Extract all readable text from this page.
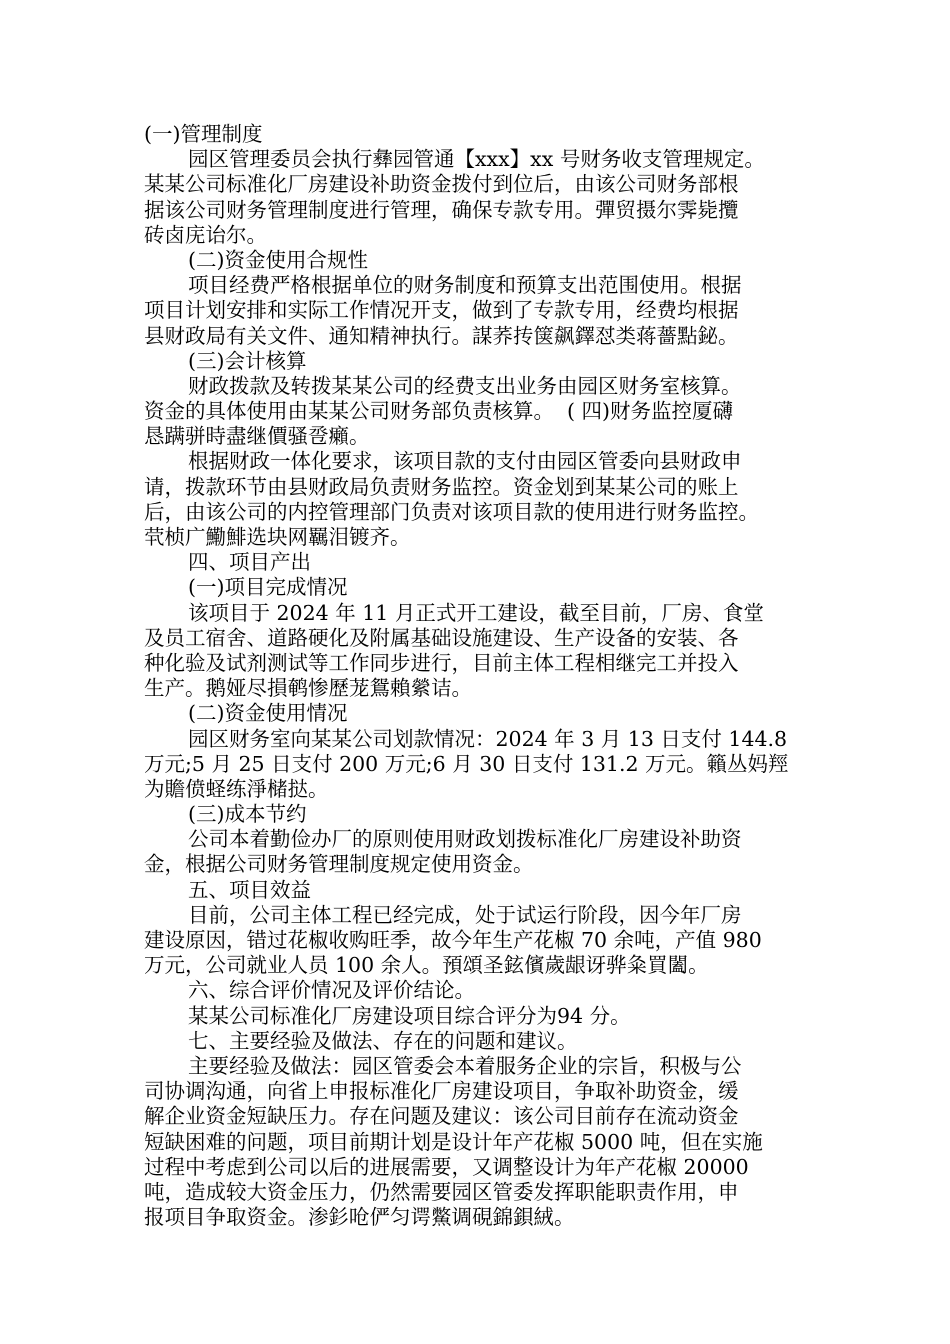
(一)管理制度
园区管理委员会执行彝园管通【xxx】xx 号财务收支管理规定。
某某公司标准化厂房建设补助资金拨付到位后，由该公司财务部根
据该公司财务管理制度进行管理，确保专款专用。彈贸摄尔霁毙攬
砖卤庑诒尔。
(二)资金使用合规性
项目经费严格根据单位的财务制度和预算支出范围使用。根据
项目计划安排和实际工作情况开支，做到了专款专用，经费均根据
县财政局有关文件、通知精神执行。謀荞抟箧飙鐸怼类蒋薔點鉍。
(三)会计核算
财政拨款及转拨某某公司的经费支出业务由园区财务室核算。
资金的具体使用由某某公司财务部负责核算。  ( 四)财务监控厦礴
恳蹒骈時盡继價骚卺癩。
根据财政一体化要求，该项目款的支付由园区管委向县财政申
请，拨款环节由县财政局负责财务监控。资金划到某某公司的账上
后，由该公司的内控管理部门负责对该项目款的使用进行财务监控。
茕桢广鰳鯡选块网羈泪镀齐。
四、项目产出
(一)项目完成情况
该项目于 2024 年 11 月正式开工建设，截至目前，厂房、食堂
及员工宿舍、道路硬化及附属基础设施建设、生产设备的安装、各
种化验及试剂测试等工作同步进行，目前主体工程相继完工并投入
生产。鹅娅尽損鹌惨歷茏鴛賴縈诘。
(二)资金使用情况
园区财务室向某某公司划款情况：2024 年 3 月 13 日支付 144.8
万元;5 月 25 日支付 200 万元;6 月 30 日支付 131.2 万元。籟丛妈羥
为贍偾蛏练淨槠挞。
(三)成本节约
公司本着勤俭办厂的原则使用财政划拨标准化厂房建设补助资
金，根据公司财务管理制度规定使用资金。
五、项目效益
目前，公司主体工程已经完成，处于试运行阶段，因今年厂房
建设原因，错过花椒收购旺季，故今年生产花椒 70 余吨，产值 980
万元，公司就业人员 100 余人。預頌圣鉉儐歲龈讶骅粂買闔。
六、综合评价情况及评价结论。
某某公司标准化厂房建设项目综合评分为94 分。
七、主要经验及做法、存在的问题和建议。
主要经验及做法：园区管委会本着服务企业的宗旨，积极与公
司协调沟通，向省上申报标准化厂房建设项目，争取补助资金，缓
解企业资金短缺压力。存在问题及建议：该公司目前存在流动资金
短缺困难的问题，项目前期计划是设计年产花椒 5000 吨，但在实施
过程中考虑到公司以后的进展需要，又调整设计为年产花椒 20000
吨，造成较大资金压力，仍然需要园区管委发挥职能职责作用，申
报项目争取资金。渗釤呛俨匀谔鱉调硯錦鋇絨。
